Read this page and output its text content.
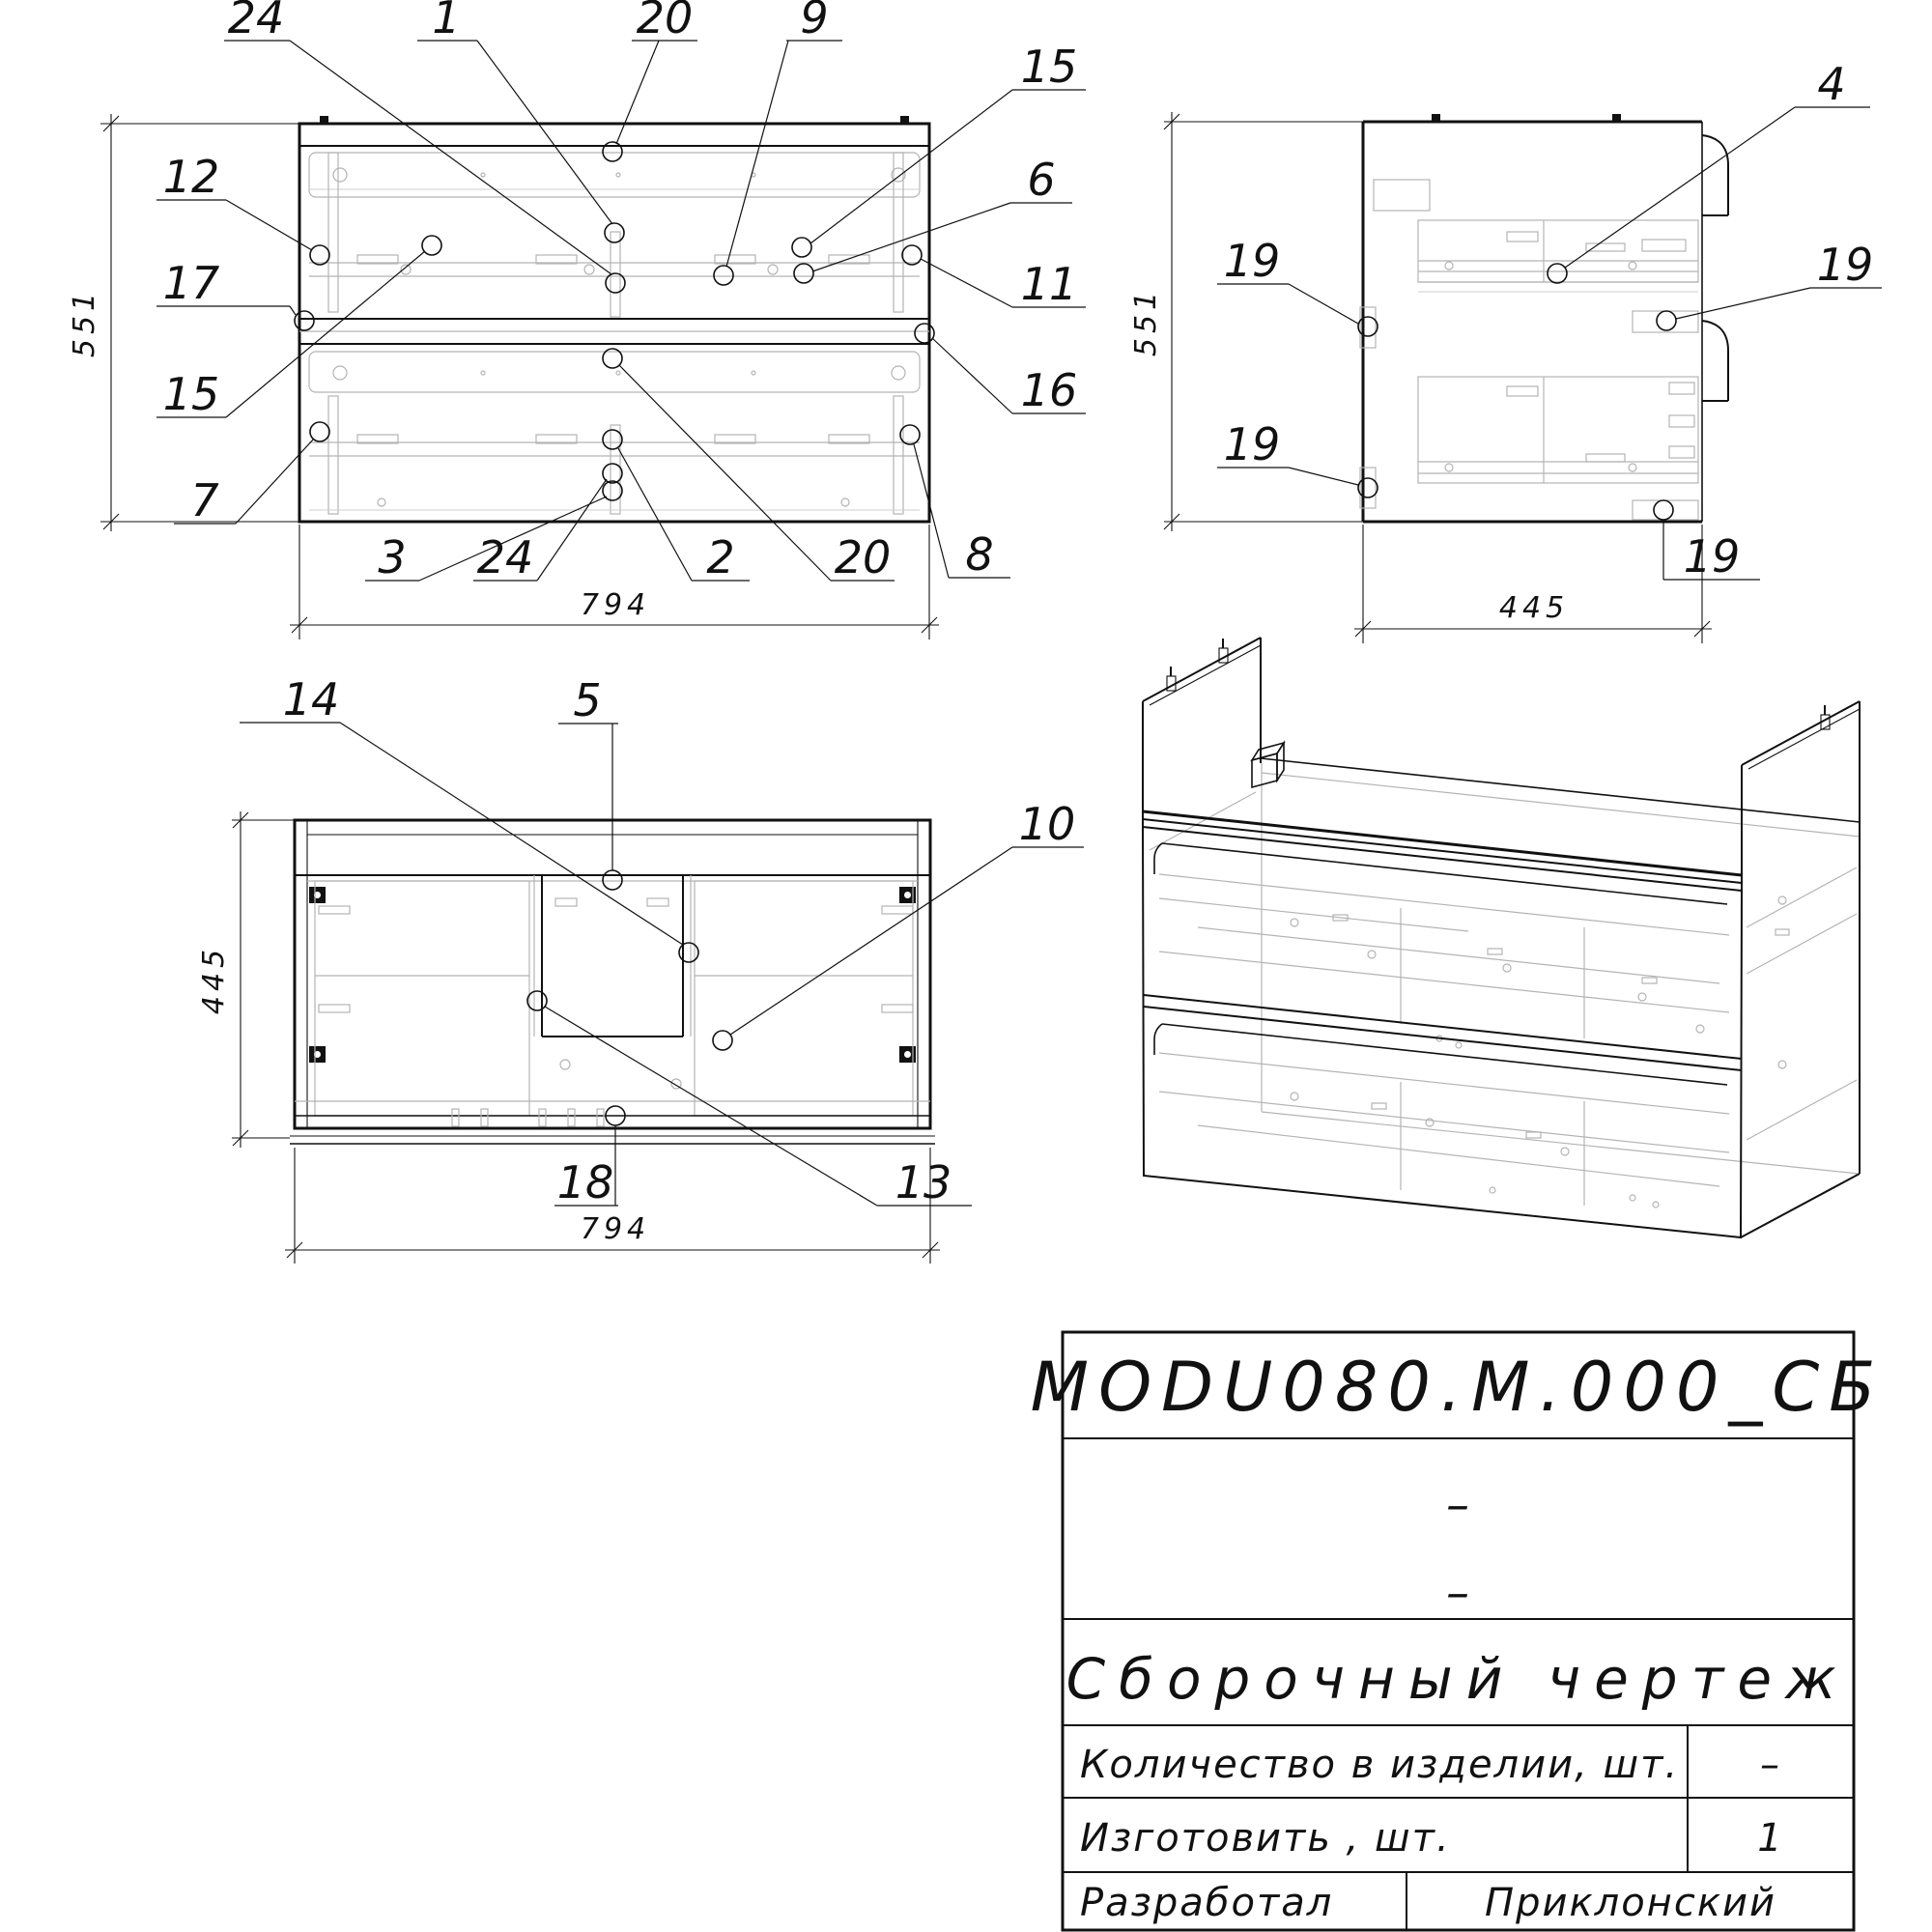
24	1	20 9
15
6
11
16
12
17
15
7
3 24	2 20 8
551
794
4
19
19
19
19
551
445
14	5
10
18	13
445
794
MODU080.M.000_СБ
–
–
Сборочный чертеж
Количество в изделии, шт. –
Изготовить , шт.	1
Разработал	Приклонский
